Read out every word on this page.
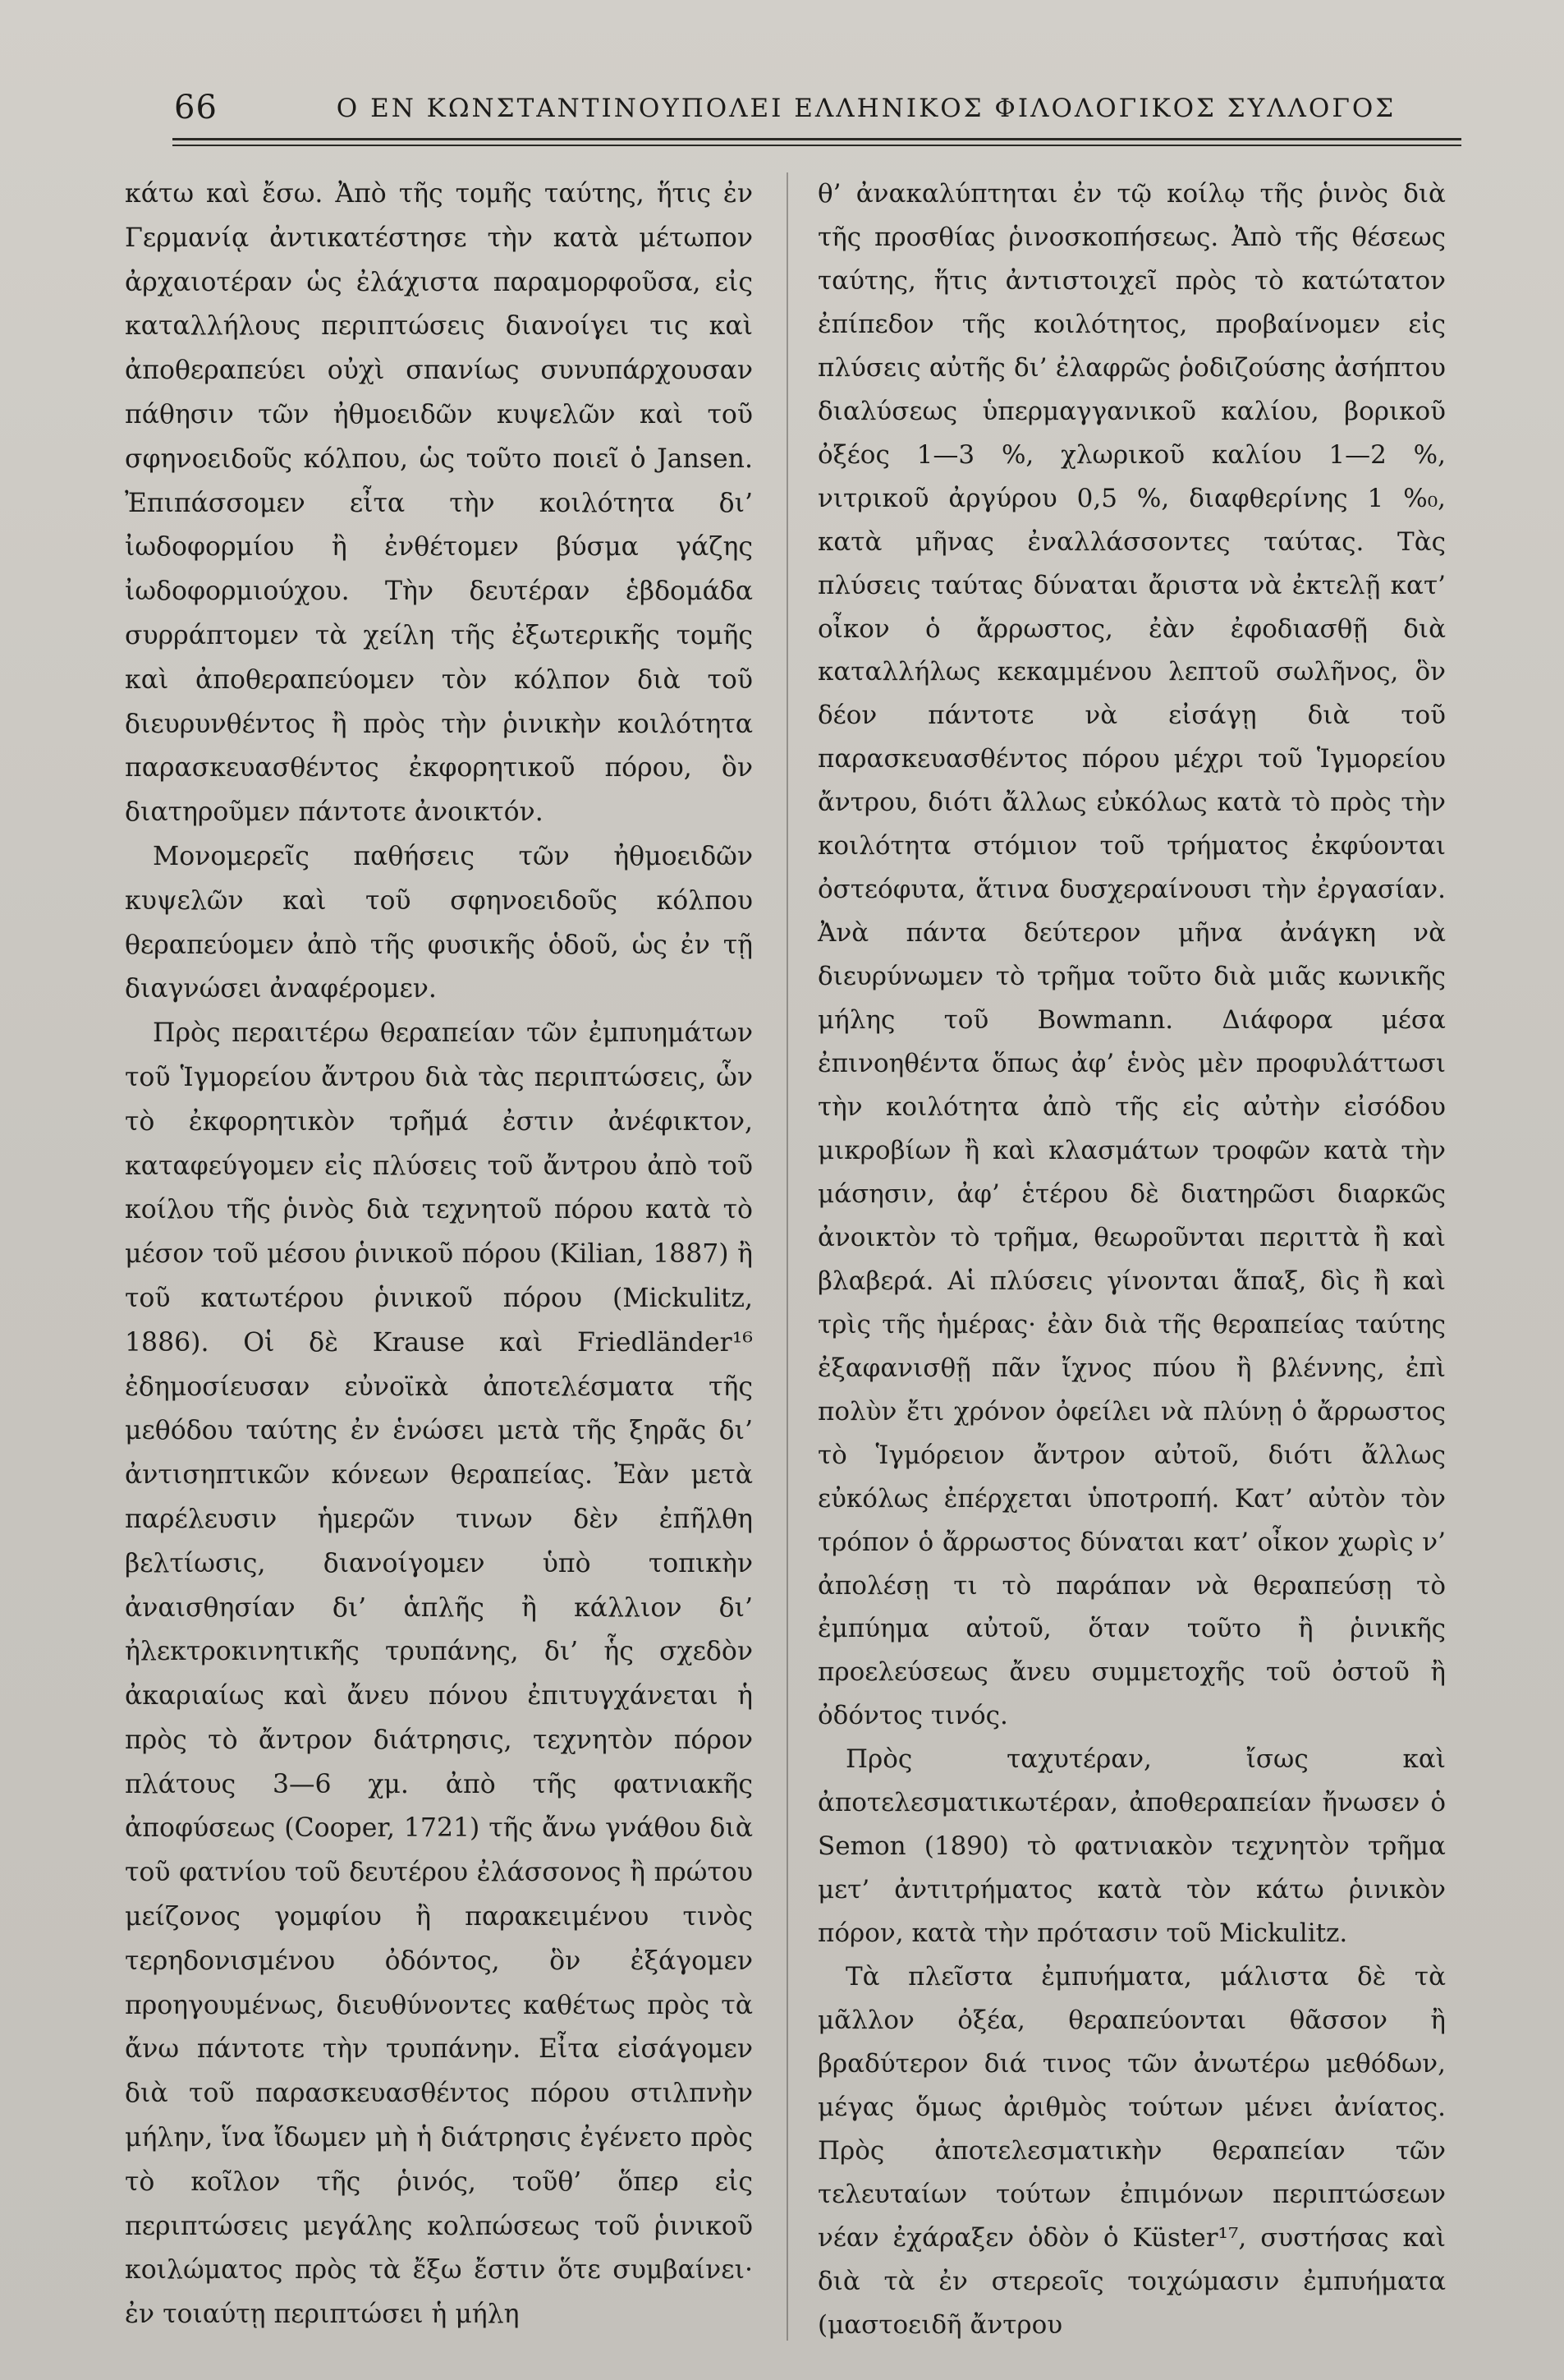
66	Ο ΕΝ ΚΩΝΣΤΑΝΤΙΝΟΥΠΟΛΕΙ ΕΛΛΗΝΙΚΟΣ ΦΙΛΟΛΟΓΙΚΟΣ ΣΥΛΛΟΓΟΣ

κάτω καὶ ἔσω. Ἀπὸ τῆς τομῆς ταύτης, ἥτις ἐν Γερμανίᾳ ἀντικατέστησε τὴν κατὰ μέτωπον ἀρχαιοτέραν ὡς ἐλάχιστα παραμορφοῦσα, εἰς καταλλήλους περιπτώσεις διανοίγει τις καὶ ἀποθεραπεύει οὐχὶ σπανίως συνυπάρχουσαν πάθησιν τῶν ἠθμοειδῶν κυψελῶν καὶ τοῦ σφηνοειδοῦς κόλπου, ὡς τοῦτο ποιεῖ ὁ Jansen. Ἐπιπάσσομεν εἶτα τὴν κοιλότητα δι’ ἰωδοφορμίου ἢ ἐνθέτομεν βύσμα γάζης ἰωδοφορμιούχου. Τὴν δευτέραν ἑβδομάδα συρράπτομεν τὰ χείλη τῆς ἐξωτερικῆς τομῆς καὶ ἀποθεραπεύομεν τὸν κόλπον διὰ τοῦ διευρυνθέντος ἢ πρὸς τὴν ῥινικὴν κοιλότητα παρασκευασθέντος ἐκφορητικοῦ πόρου, ὃν διατηροῦμεν πάντοτε ἀνοικτόν.

Μονομερεῖς παθήσεις τῶν ἠθμοειδῶν κυψελῶν καὶ τοῦ σφηνοειδοῦς κόλπου θεραπεύομεν ἀπὸ τῆς φυσικῆς ὁδοῦ, ὡς ἐν τῇ διαγνώσει ἀναφέρομεν.

Πρὸς περαιτέρω θεραπείαν τῶν ἐμπυημάτων τοῦ Ἱγμορείου ἄντρου διὰ τὰς περιπτώσεις, ὧν τὸ ἐκφορητικὸν τρῆμά ἐστιν ἀνέφικτον, καταφεύγομεν εἰς πλύσεις τοῦ ἄντρου ἀπὸ τοῦ κοίλου τῆς ῥινὸς διὰ τεχνητοῦ πόρου κατὰ τὸ μέσον τοῦ μέσου ῥινικοῦ πόρου (Kilian, 1887) ἢ τοῦ κατωτέρου ῥινικοῦ πόρου (Mickulitz, 1886). Οἱ δὲ Krause καὶ Friedländer¹⁶ ἐδημοσίευσαν εὐνοϊκὰ ἀποτελέσματα τῆς μεθόδου ταύτης ἐν ἑνώσει μετὰ τῆς ξηρᾶς δι’ ἀντισηπτικῶν κόνεων θεραπείας. Ἐὰν μετὰ παρέλευσιν ἡμερῶν τινων δὲν ἐπῆλθη βελτίωσις, διανοίγομεν ὑπὸ τοπικὴν ἀναισθησίαν δι’ ἁπλῆς ἢ κάλλιον δι’ ἠλεκτροκινητικῆς τρυπάνης, δι’ ἧς σχεδὸν ἀκαριαίως καὶ ἄνευ πόνου ἐπιτυγχάνεται ἡ πρὸς τὸ ἄντρον διάτρησις, τεχνητὸν πόρον πλάτους 3—6 χμ. ἀπὸ τῆς φατνιακῆς ἀποφύσεως (Cooper, 1721) τῆς ἄνω γνάθου διὰ τοῦ φατνίου τοῦ δευτέρου ἐλάσσονος ἢ πρώτου μείζονος γομφίου ἢ παρακειμένου τινὸς τερηδονισμένου ὀδόντος, ὃν ἐξάγομεν προηγουμένως, διευθύνοντες καθέτως πρὸς τὰ ἄνω πάντοτε τὴν τρυπάνην. Εἶτα εἰσάγομεν διὰ τοῦ παρασκευασθέντος πόρου στιλπνὴν μήλην, ἵνα ἴδωμεν μὴ ἡ διάτρησις ἐγένετο πρὸς τὸ κοῖλον τῆς ῥινός, τοῦθ’ ὅπερ εἰς περιπτώσεις μεγάλης κολπώσεως τοῦ ῥινικοῦ κοιλώματος πρὸς τὰ ἔξω ἔστιν ὅτε συμβαίνει· ἐν τοιαύτῃ περιπτώσει ἡ μήλη

θ’ ἀνακαλύπτηται ἐν τῷ κοίλῳ τῆς ῥινὸς διὰ τῆς προσθίας ῥινοσκοπήσεως. Ἀπὸ τῆς θέσεως ταύτης, ἥτις ἀντιστοιχεῖ πρὸς τὸ κατώτατον ἐπίπεδον τῆς κοιλότητος, προβαίνομεν εἰς πλύσεις αὐτῆς δι’ ἐλαφρῶς ῥοδιζούσης ἀσήπτου διαλύσεως ὑπερμαγγανικοῦ καλίου, βορικοῦ ὀξέος 1—3 %, χλωρικοῦ καλίου 1—2 %, νιτρικοῦ ἀργύρου 0,5 %, διαφθερίνης 1 %₀, κατὰ μῆνας ἐναλλάσσοντες ταύτας. Τὰς πλύσεις ταύτας δύναται ἄριστα νὰ ἐκτελῇ κατ’ οἶκον ὁ ἄρρωστος, ἐὰν ἐφοδιασθῇ διὰ καταλλήλως κεκαμμένου λεπτοῦ σωλῆνος, ὃν δέον πάντοτε νὰ εἰσάγῃ διὰ τοῦ παρασκευασθέντος πόρου μέχρι τοῦ Ἱγμορείου ἄντρου, διότι ἄλλως εὐκόλως κατὰ τὸ πρὸς τὴν κοιλότητα στόμιον τοῦ τρήματος ἐκφύονται ὀστεόφυτα, ἅτινα δυσχεραίνουσι τὴν ἐργασίαν. Ἀνὰ πάντα δεύτερον μῆνα ἀνάγκη νὰ διευρύνωμεν τὸ τρῆμα τοῦτο διὰ μιᾶς κωνικῆς μήλης τοῦ Bowmann. Διάφορα μέσα ἐπινοηθέντα ὅπως ἀφ’ ἑνὸς μὲν προφυλάττωσι τὴν κοιλότητα ἀπὸ τῆς εἰς αὐτὴν εἰσόδου μικροβίων ἢ καὶ κλασμάτων τροφῶν κατὰ τὴν μάσησιν, ἀφ’ ἑτέρου δὲ διατηρῶσι διαρκῶς ἀνοικτὸν τὸ τρῆμα, θεωροῦνται περιττὰ ἢ καὶ βλαβερά. Αἱ πλύσεις γίνονται ἅπαξ, δὶς ἢ καὶ τρὶς τῆς ἡμέρας· ἐὰν διὰ τῆς θεραπείας ταύτης ἐξαφανισθῇ πᾶν ἴχνος πύου ἢ βλέννης, ἐπὶ πολὺν ἔτι χρόνον ὀφείλει νὰ πλύνῃ ὁ ἄρρωστος τὸ Ἱγμόρειον ἄντρον αὐτοῦ, διότι ἄλλως εὐκόλως ἐπέρχεται ὑποτροπή. Κατ’ αὐτὸν τὸν τρόπον ὁ ἄρρωστος δύναται κατ’ οἶκον χωρὶς ν’ ἀπολέσῃ τι τὸ παράπαν νὰ θεραπεύσῃ τὸ ἐμπύημα αὐτοῦ, ὅταν τοῦτο ἢ ῥινικῆς προελεύσεως ἄνευ συμμετοχῆς τοῦ ὀστοῦ ἢ ὀδόντος τινός.

Πρὸς ταχυτέραν, ἴσως καὶ ἀποτελεσματικωτέραν, ἀποθεραπείαν ἤνωσεν ὁ Semon (1890) τὸ φατνιακὸν τεχνητὸν τρῆμα μετ’ ἀντιτρήματος κατὰ τὸν κάτω ῥινικὸν πόρον, κατὰ τὴν πρότασιν τοῦ Mickulitz.

Τὰ πλεῖστα ἐμπυήματα, μάλιστα δὲ τὰ μᾶλλον ὀξέα, θεραπεύονται θᾶσσον ἢ βραδύτερον διά τινος τῶν ἀνωτέρω μεθόδων, μέγας ὅμως ἀριθμὸς τούτων μένει ἀνίατος. Πρὸς ἀποτελεσματικὴν θεραπείαν τῶν τελευταίων τούτων ἐπιμόνων περιπτώσεων νέαν ἐχάραξεν ὁδὸν ὁ Küster¹⁷, συστήσας καὶ διὰ τὰ ἐν στερεοῖς τοιχώμασιν ἐμπυήματα (μαστοειδῆ ἄντρου
